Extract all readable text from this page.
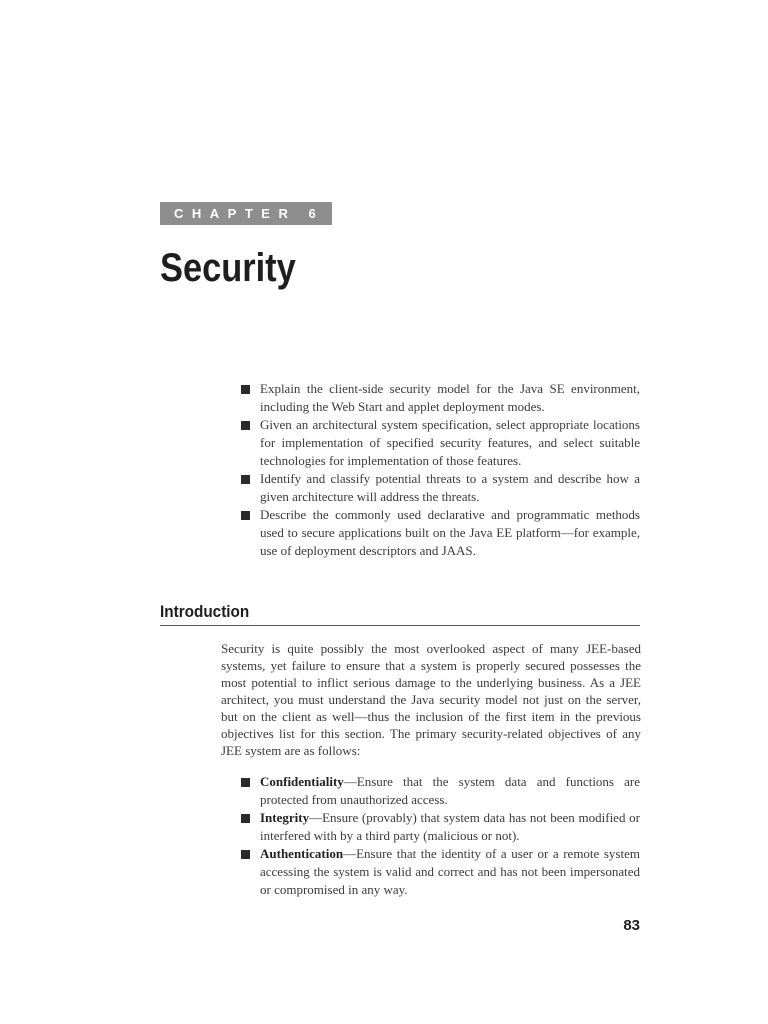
CHAPTER 6
Security
Explain the client-side security model for the Java SE environment, including the Web Start and applet deployment modes.
Given an architectural system specification, select appropriate locations for implementation of specified security features, and select suitable technologies for implementation of those features.
Identify and classify potential threats to a system and describe how a given architecture will address the threats.
Describe the commonly used declarative and programmatic methods used to secure applications built on the Java EE platform—for example, use of deployment descriptors and JAAS.
Introduction

Security is quite possibly the most overlooked aspect of many JEE-based systems, yet failure to ensure that a system is properly secured possesses the most potential to inflict serious damage to the underlying business. As a JEE architect, you must understand the Java security model not just on the server, but on the client as well—thus the inclusion of the first item in the previous objectives list for this section. The primary security-related objectives of any JEE system are as follows:

Confidentiality—Ensure that the system data and functions are protected from unauthorized access.
Integrity—Ensure (provably) that system data has not been modified or interfered with by a third party (malicious or not).
Authentication—Ensure that the identity of a user or a remote system accessing the system is valid and correct and has not been impersonated or compromised in any way.
83
